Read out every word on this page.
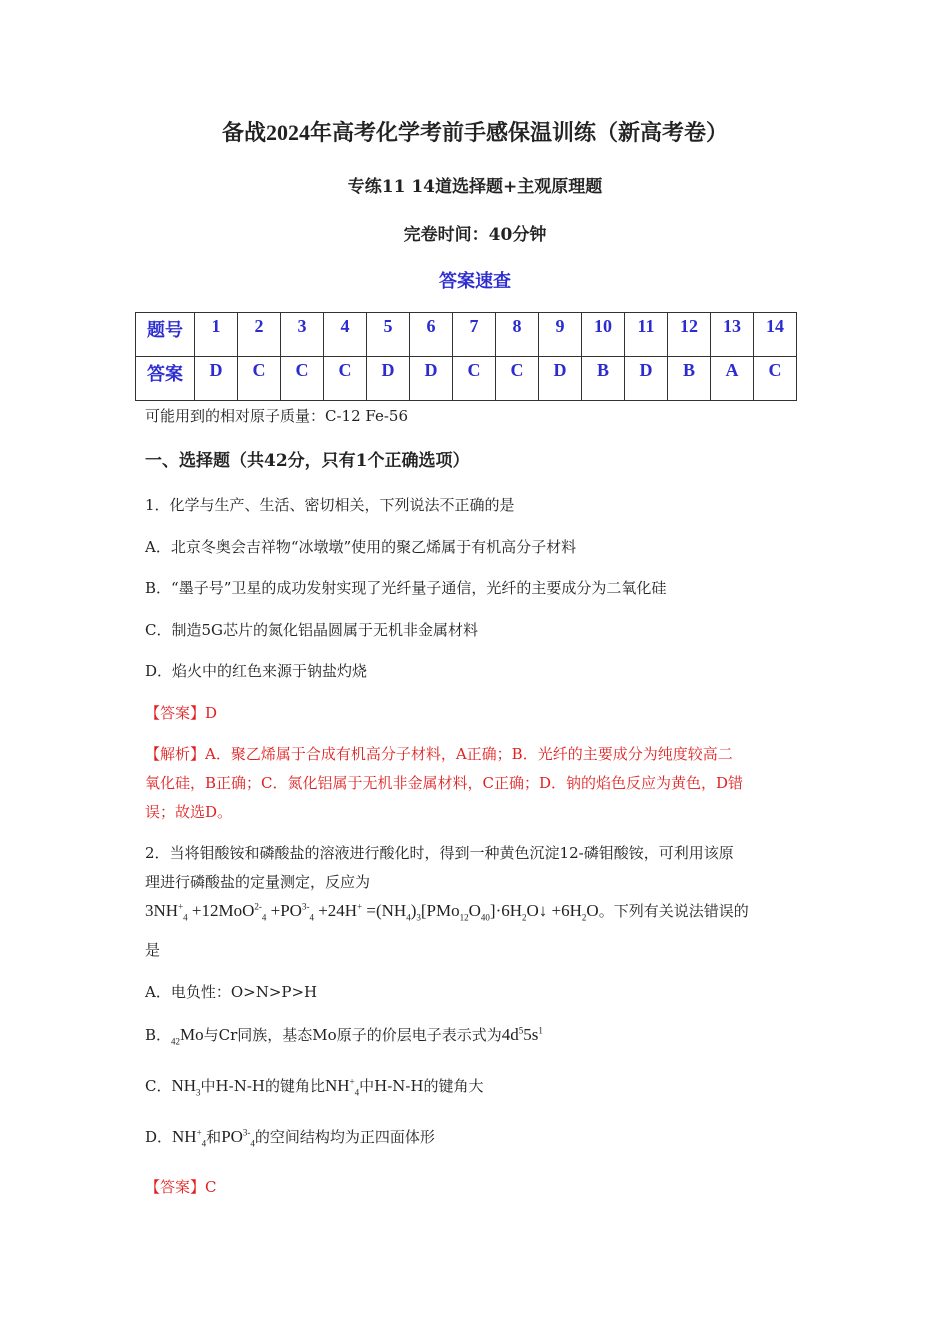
备战2024年高考化学考前手感保温训练（新高考卷）
专练11 14道选择题+主观原理题
完卷时间：40分钟
答案速查
题号	1	2	3	4	5	6	7	8	9	10	11	12	13	14
答案	D	C	C	C	D	D	C	C	D	B	D	B	A	C
可能用到的相对原子质量：C-12 Fe-56
一、选择题（共42分，只有1个正确选项）
1．化学与生产、生活、密切相关，下列说法不正确的是
A．北京冬奥会吉祥物“冰墩墩”使用的聚乙烯属于有机高分子材料
B．“墨子号”卫星的成功发射实现了光纤量子通信，光纤的主要成分为二氧化硅
C．制造5G芯片的氮化铝晶圆属于无机非金属材料
D．焰火中的红色来源于钠盐灼烧
【答案】D
【解析】A．聚乙烯属于合成有机高分子材料，A正确；B．光纤的主要成分为纯度较高二
氧化硅，B正确；C．氮化铝属于无机非金属材料，C正确；D．钠的焰色反应为黄色，D错
误；故选D。
2．当将钼酸铵和磷酸盐的溶液进行酸化时，得到一种黄色沉淀12-磷钼酸铵，可利用该原
理进行磷酸盐的定量测定，反应为
$3NH^+_4 +12MoO^{2-}_4 +PO^{3-}_4 +24H^+$ $=(NH_4)_3[PMo_{12}O_{40}]\cdot 6H_2O↓ +6H_2O$。下列有关说法错误的
是
A．电负性：O>N>P>H
B．$_{42}$Mo与Cr同族，基态Mo原子的价层电子表示式为$4d^55s^1$
C．$NH_3$中H-N-H的键角比$NH^+_4$中H-N-H的键角大
D．$NH^+_4$和$PO^{3-}_4$的空间结构均为正四面体形
【答案】C
